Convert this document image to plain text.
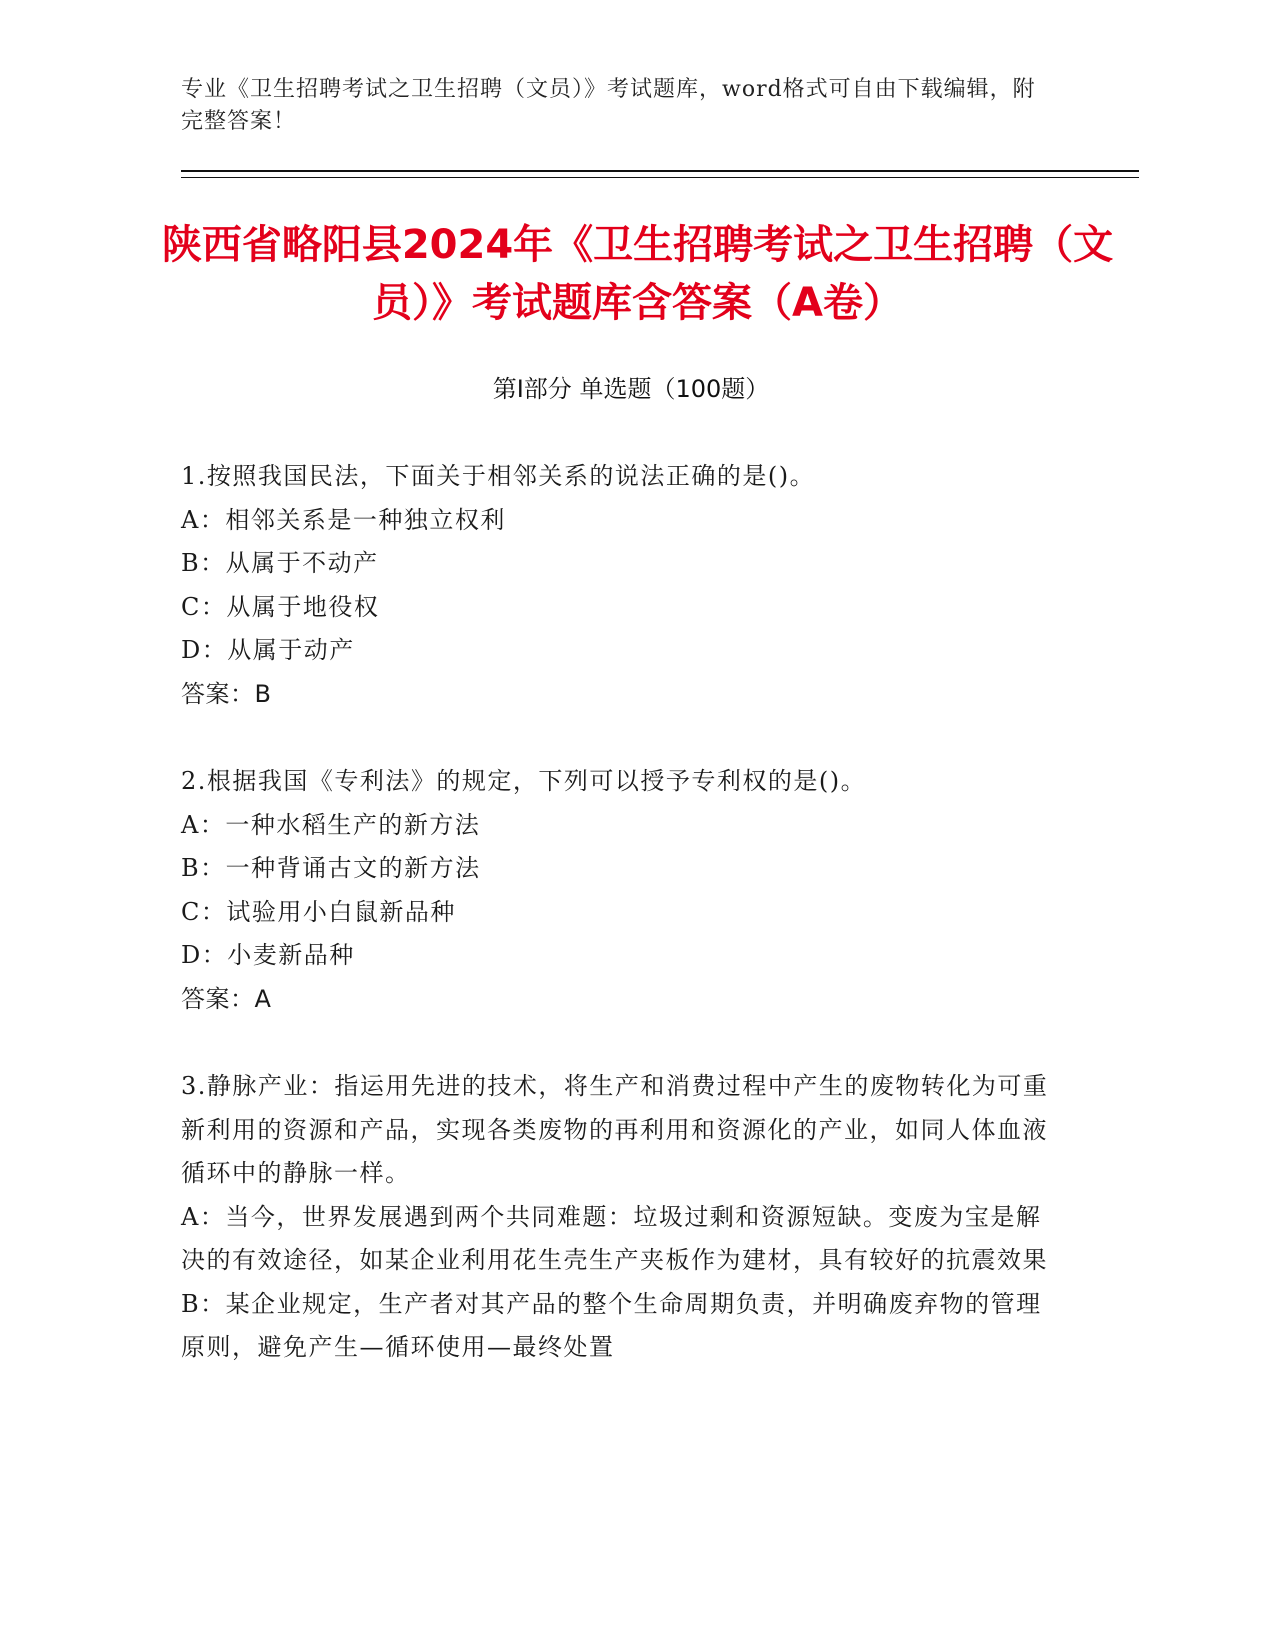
专业《卫生招聘考试之卫生招聘（文员）》考试题库，word格式可自由下载编辑，附完整答案！
陕西省略阳县2024年《卫生招聘考试之卫生招聘（文员）》考试题库含答案（A卷）
第Ⅰ部分 单选题（100题）

1.按照我国民法，下面关于相邻关系的说法正确的是()。

A：相邻关系是一种独立权利

B：从属于不动产

C：从属于地役权

D：从属于动产

答案：B

2.根据我国《专利法》的规定，下列可以授予专利权的是()。

A：一种水稻生产的新方法

B：一种背诵古文的新方法

C：试验用小白鼠新品种

D：小麦新品种

答案：A

3.静脉产业：指运用先进的技术，将生产和消费过程中产生的废物转化为可重新利用的资源和产品，实现各类废物的再利用和资源化的产业，如同人体血液循环中的静脉一样。

A：当今，世界发展遇到两个共同难题：垃圾过剩和资源短缺。变废为宝是解决的有效途径，如某企业利用花生壳生产夹板作为建材，具有较好的抗震效果

B：某企业规定，生产者对其产品的整个生命周期负责，并明确废弃物的管理原则，避免产生—循环使用—最终处置
